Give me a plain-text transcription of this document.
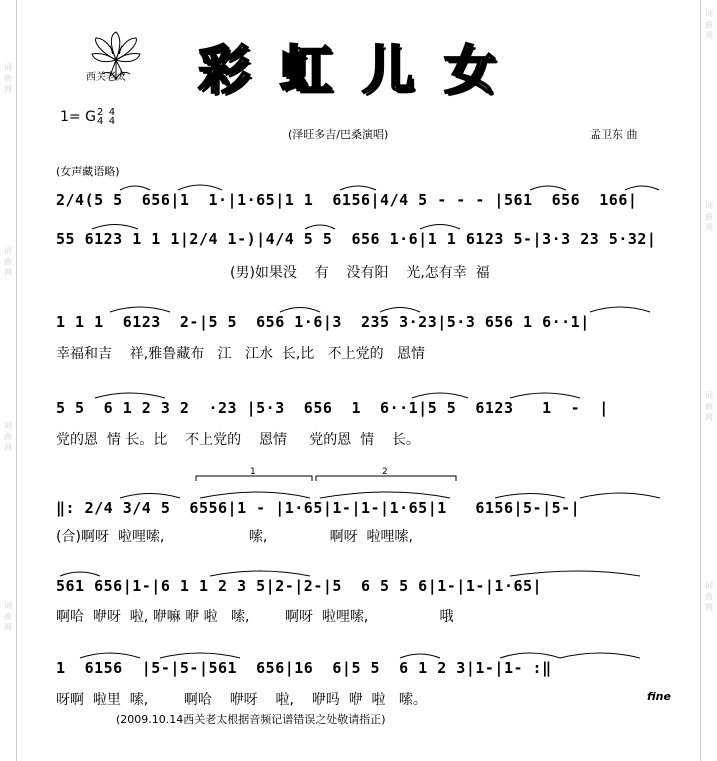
词
曲
网
词
曲
网
词
曲
网
词
曲
网
词
曲
网
词
曲
网
词
曲
网
词
曲
网
西关老太 彩虹儿女
1= G 2
4

4
4
(泽旺多吉/巴桑演唱)	孟卫东 曲
(女声藏语略)
2/4(5 5  656|1  1·|1·65|1 1  6156|4/4 5 - - - |561  656  166|
55 6123 1 1 1|2/4 1-)|4/4 5 5  656 1·6|1 1 6123 5-|3·3 23 5·32|
(男)如果没    有    没有阳    光,怎有幸  福
1 1 1  6123  2-|5 5  656 1·6|3  235 3·23|5·3 656 1 6··1|
幸福和吉    祥,雅鲁藏布   江   江水  长,比   不上党的   恩情
5 5  6 1 2 3 2  ·23 |5·3  656  1  6··1|5 5  6123   1  -  |
党的恩  情 长。比    不上党的    恩情     党的恩  情    长。
‖: 2/4 3/4 5  6556|1 - |1·65|1-|1-|1·65|1   6156|5-|5-|
(合)啊呀  啦哩嗦,                   嗦,              啊呀  啦哩嗦,
561 656|1-|6 1 1 2 3 5|2-|2-|5  6 5 5 6|1-|1-|1·65|
啊哈  咿呀  啦, 咿嘛 咿 啦   嗦,        啊呀  啦哩嗦,                哦
1  6156  |5-|5-|561  656|16  6|5 5  6 1 2 3|1-|1- :‖
呀啊  啦里  嗦,        啊哈    咿呀    啦,    咿吗  咿  啦   嗦。
1	2
fine
(2009.10.14西关老太根据音频记谱错误之处敬请指正)
